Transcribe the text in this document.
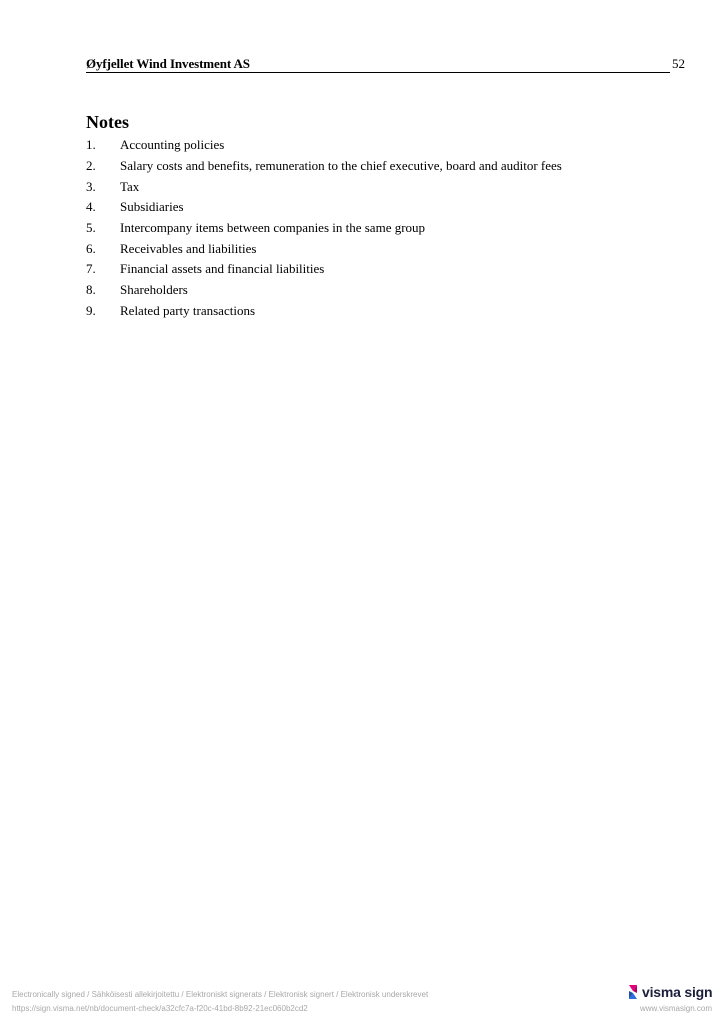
Øyfjellet Wind Investment AS	52
Notes
1.	Accounting policies
2.	Salary costs and benefits, remuneration to the chief executive, board and auditor fees
3.	Tax
4.	Subsidiaries
5.	Intercompany items between companies in the same group
6.	Receivables and liabilities
7.	Financial assets and financial liabilities
8.	Shareholders
9.	Related party transactions
Electronically signed / Sähköisesti allekirjoitettu / Elektroniskt signerats / Elektronisk signert / Elektronisk underskrevet
https://sign.visma.net/nb/document-check/a32cfc7a-f20c-41bd-8b92-21ec060b2cd2
visma sign
www.vismasign.com
